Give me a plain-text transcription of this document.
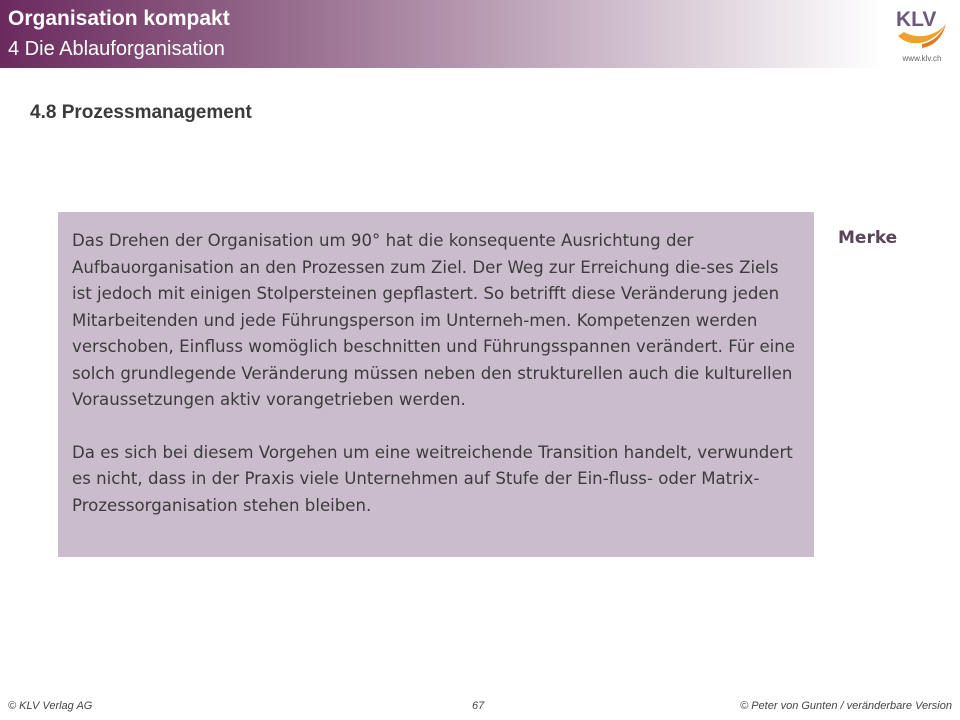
Organisation kompakt
4 Die Ablauforganisation
KLV
www.klv.ch
4.8 Prozessmanagement

Das Drehen der Organisation um 90° hat die konsequente Ausrichtung der Aufbauorganisation an den Prozessen zum Ziel. Der Weg zur Erreichung die-ses Ziels ist jedoch mit einigen Stolpersteinen gepflastert. So betrifft diese Veränderung jeden Mitarbeitenden und jede Führungsperson im Unterneh-men. Kompetenzen werden verschoben, Einfluss womöglich beschnitten und Führungsspannen verändert. Für eine solch grundlegende Veränderung müssen neben den strukturellen auch die kulturellen Voraussetzungen aktiv vorangetrieben werden.

Da es sich bei diesem Vorgehen um eine weitreichende Transition handelt, verwundert es nicht, dass in der Praxis viele Unternehmen auf Stufe der Ein-fluss- oder Matrix-Prozessorganisation stehen bleiben.

Merke
© KLV Verlag AG	67	© Peter von Gunten / veränderbare Version
